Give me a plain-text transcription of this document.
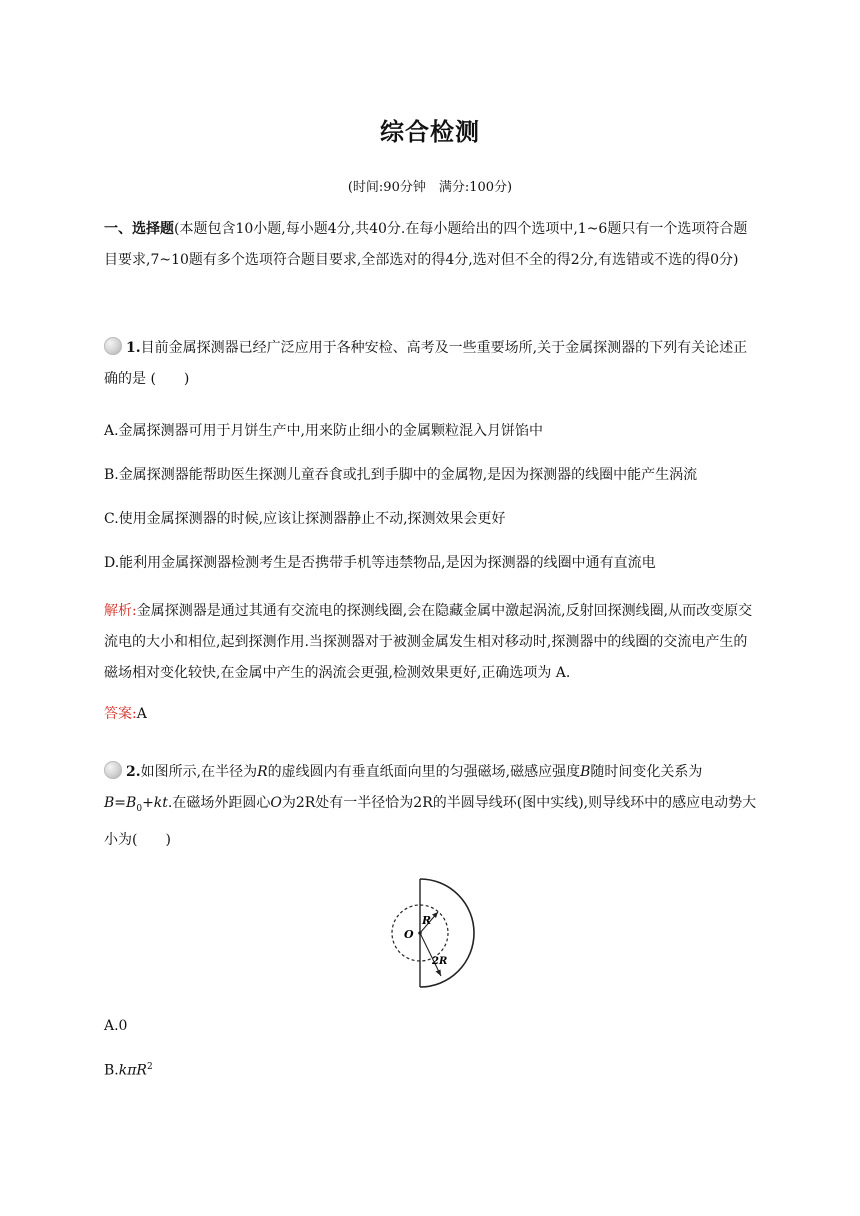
综合检测
(时间:90分钟　满分:100分)
一、选择题(本题包含10小题,每小题4分,共40分.在每小题给出的四个选项中,1~6题只有一个选项符合题目要求,7~10题有多个选项符合题目要求,全部选对的得4分,选对但不全的得2分,有选错或不选的得0分)
1.目前金属探测器已经广泛应用于各种安检、高考及一些重要场所,关于金属探测器的下列有关论述正确的是 (　　)
A.金属探测器可用于月饼生产中,用来防止细小的金属颗粒混入月饼馅中
B.金属探测器能帮助医生探测儿童吞食或扎到手脚中的金属物,是因为探测器的线圈中能产生涡流
C.使用金属探测器的时候,应该让探测器静止不动,探测效果会更好
D.能利用金属探测器检测考生是否携带手机等违禁物品,是因为探测器的线圈中通有直流电
解析:金属探测器是通过其通有交流电的探测线圈,会在隐藏金属中激起涡流,反射回探测线圈,从而改变原交流电的大小和相位,起到探测作用.当探测器对于被测金属发生相对移动时,探测器中的线圈的交流电产生的磁场相对变化较快,在金属中产生的涡流会更强,检测效果更好,正确选项为 A.
答案:A
2.如图所示,在半径为R的虚线圆内有垂直纸面向里的匀强磁场,磁感应强度B随时间变化关系为
$B=B_0+kt$.在磁场外距圆心O为2R处有一半径恰为2R的半圆导线环(图中实线),则导线环中的感应电动势大小为(　　)
R
O
2R
A.0
B.kπR$^2$
